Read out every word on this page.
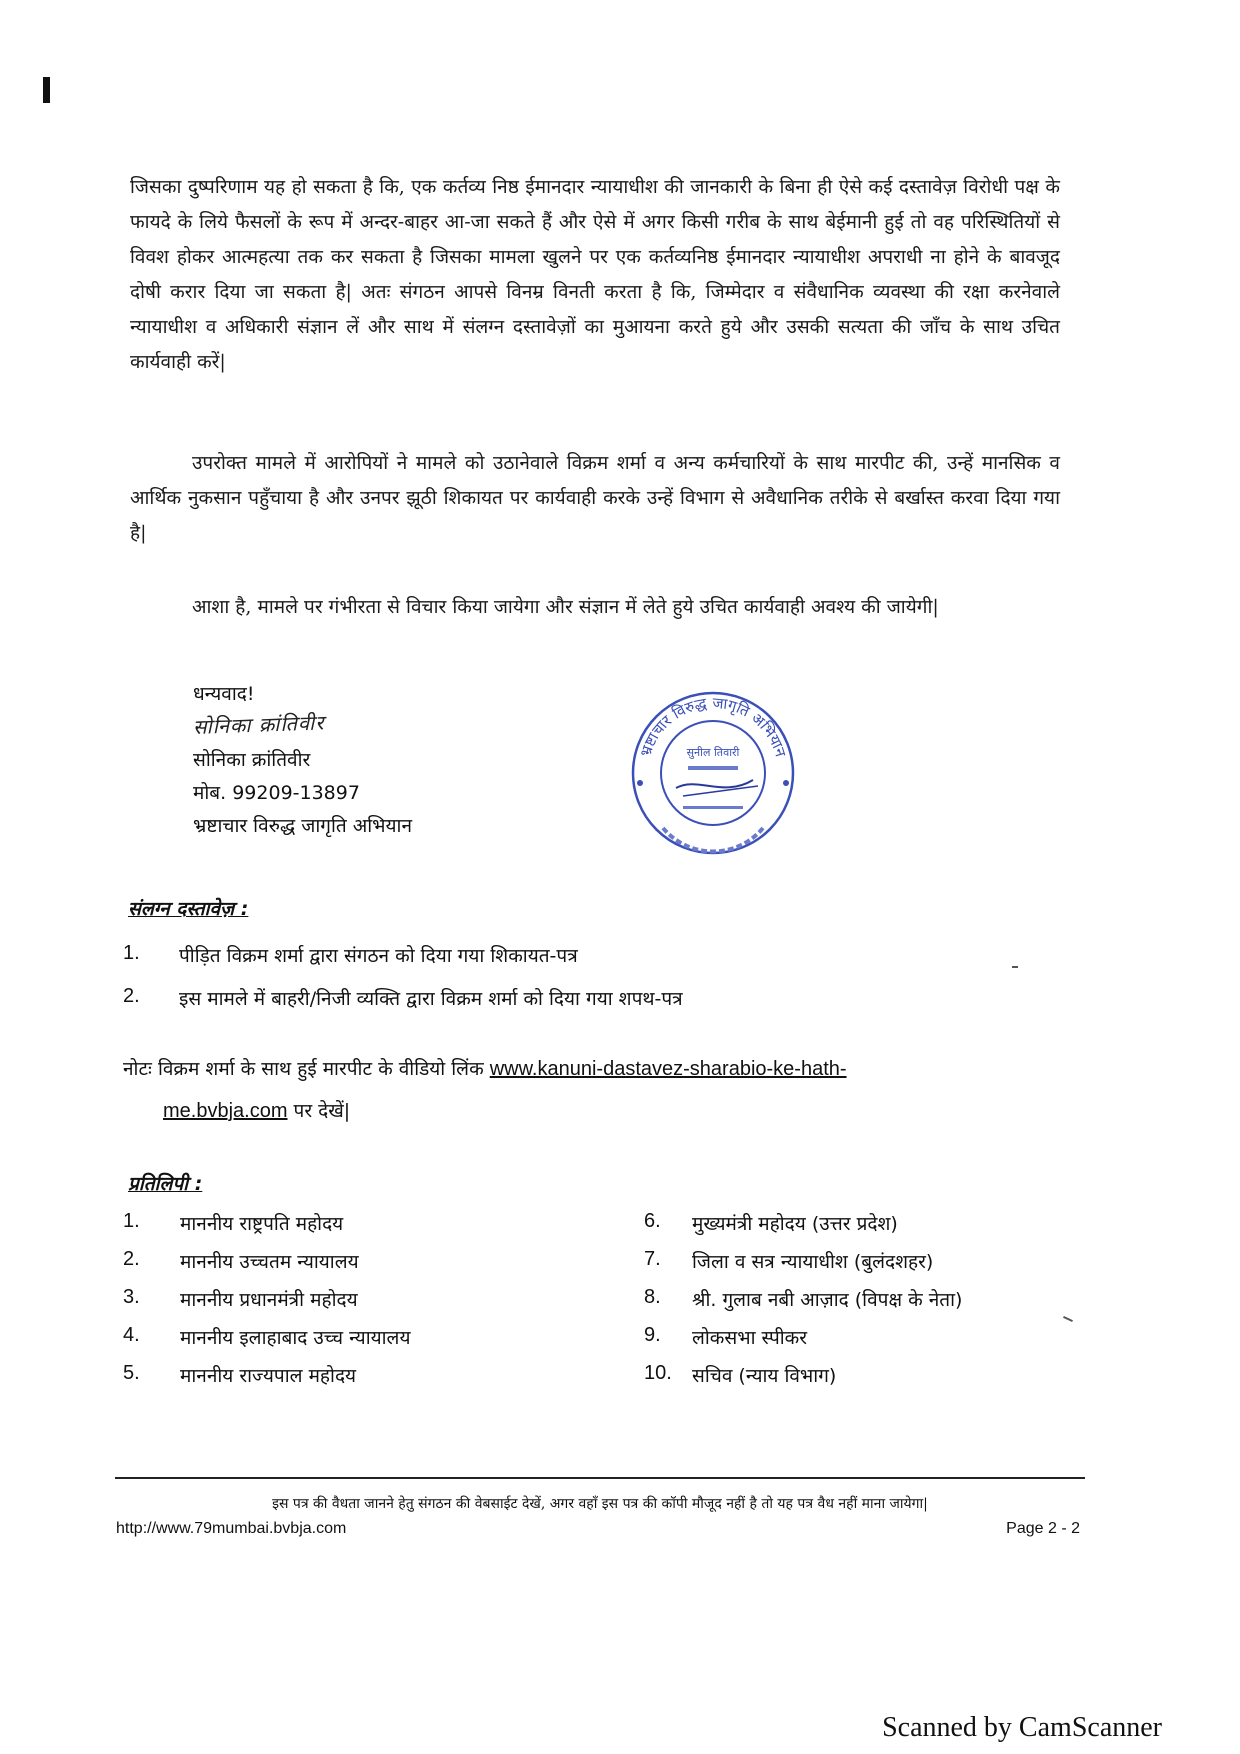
जिसका दुष्परिणाम यह हो सकता है कि, एक कर्तव्य निष्ठ ईमानदार न्यायाधीश की जानकारी के बिना ही ऐसे कई दस्तावेज़ विरोधी पक्ष के फायदे के लिये फैसलों के रूप में अन्दर-बाहर आ-जा सकते हैं और ऐसे में अगर किसी गरीब के साथ बेईमानी हुई तो वह परिस्थितियों से विवश होकर आत्महत्या तक कर सकता है जिसका मामला खुलने पर एक कर्तव्यनिष्ठ ईमानदार न्यायाधीश अपराधी ना होने के बावजूद दोषी करार दिया जा सकता है| अतः संगठन आपसे विनम्र विनती करता है कि, जिम्मेदार व संवैधानिक व्यवस्था की रक्षा करनेवाले न्यायाधीश व अधिकारी संज्ञान लें और साथ में संलग्न दस्तावेज़ों का मुआयना करते हुये और उसकी सत्यता की जाँच के साथ उचित कार्यवाही करें|

उपरोक्त मामले में आरोपियों ने मामले को उठानेवाले विक्रम शर्मा व अन्य कर्मचारियों के साथ मारपीट की, उन्हें मानसिक व आर्थिक नुकसान पहुँचाया है और उनपर झूठी शिकायत पर कार्यवाही करके उन्हें विभाग से अवैधानिक तरीके से बर्खास्त करवा दिया गया है|

आशा है, मामले पर गंभीरता से विचार किया जायेगा और संज्ञान में लेते हुये उचित कार्यवाही अवश्य की जायेगी|

धन्यवाद!
सोनिका क्रांतिवीर
सोनिका क्रांतिवीर
मोब. 99209-13897
भ्रष्टाचार विरुद्ध जागृति अभियान
भ्रष्टाचार विरुद्ध जागृति अभियान
सुनील तिवारी
संलग्न दस्तावेज़ :
1.	पीड़ित विक्रम शर्मा द्वारा संगठन को दिया गया शिकायत-पत्र
2.	इस मामले में बाहरी/निजी व्यक्ति द्वारा विक्रम शर्मा को दिया गया शपथ-पत्र
नोटः विक्रम शर्मा के साथ हुई मारपीट के वीडियो लिंक www.kanuni-dastavez-sharabio-ke-hath-
me.bvbja.com पर देखें|
प्रतिलिपी :
1.	माननीय राष्ट्रपति महोदय
2.	माननीय उच्चतम न्यायालय
3.	माननीय प्रधानमंत्री महोदय
4.	माननीय इलाहाबाद उच्च न्यायालय
5.	माननीय राज्यपाल महोदय
6.	मुख्यमंत्री महोदय (उत्तर प्रदेश)
7.	जिला व सत्र न्यायाधीश (बुलंदशहर)
8.	श्री. गुलाब नबी आज़ाद (विपक्ष के नेता)
9.	लोकसभा स्पीकर
10.	सचिव (न्याय विभाग)
इस पत्र की वैधता जानने हेतु संगठन की वेबसाईट देखें, अगर वहाँ इस पत्र की कॉपी मौजूद नहीं है तो यह पत्र वैध नहीं माना जायेगा|
http://www.79mumbai.bvbja.com	Page 2 - 2
Scanned by CamScanner
